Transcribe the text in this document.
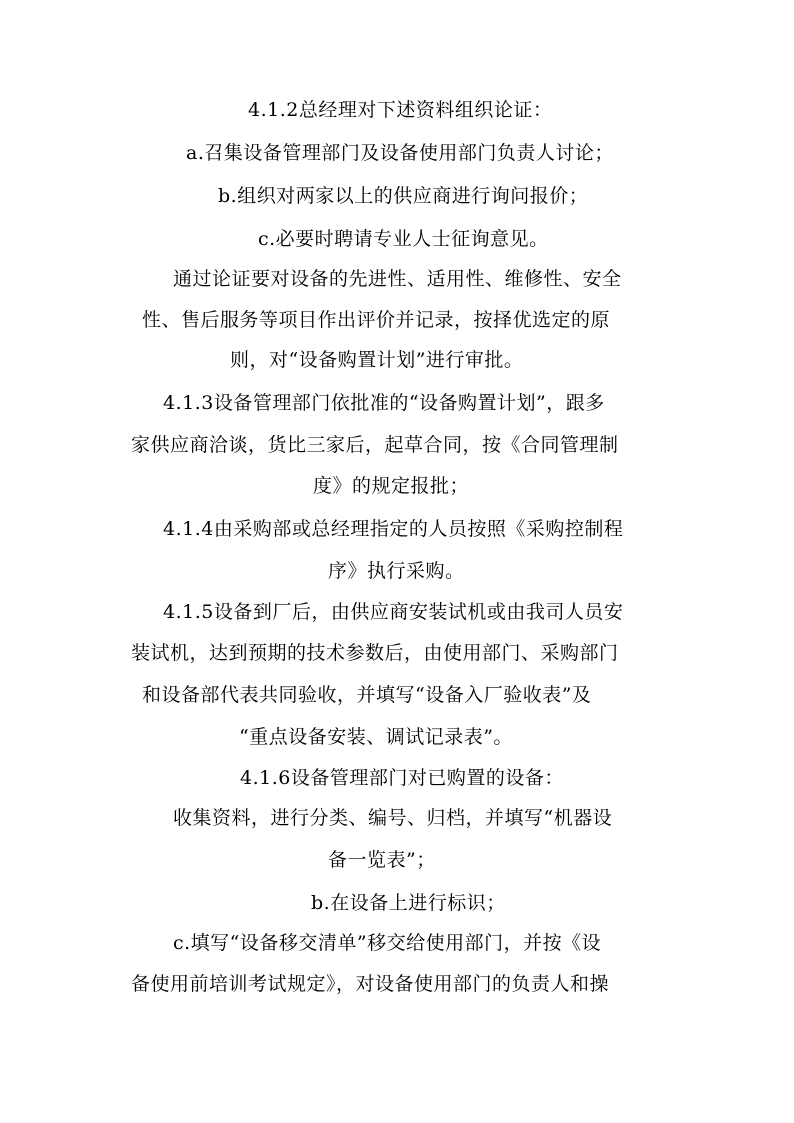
4.1.2总经理对下述资料组织论证：
a.召集设备管理部门及设备使用部门负责人讨论；
b.组织对两家以上的供应商进行询问报价；
c.必要时聘请专业人士征询意见。
通过论证要对设备的先进性、适用性、维修性、安全
性、售后服务等项目作出评价并记录，按择优选定的原
则，对“设备购置计划”进行审批。
4.1.3设备管理部门依批准的“设备购置计划”，跟多
家供应商洽谈，货比三家后，起草合同，按《合同管理制
度》的规定报批；
4.1.4由采购部或总经理指定的人员按照《采购控制程
序》执行采购。
4.1.5设备到厂后，由供应商安装试机或由我司人员安
装试机，达到预期的技术参数后，由使用部门、采购部门
和设备部代表共同验收，并填写“设备入厂验收表”及
“重点设备安装、调试记录表”。
4.1.6设备管理部门对已购置的设备：
收集资料，进行分类、编号、归档，并填写“机器设
备一览表”；
b.在设备上进行标识；
c.填写“设备移交清单”移交给使用部门，并按《设
备使用前培训考试规定》，对设备使用部门的负责人和操
